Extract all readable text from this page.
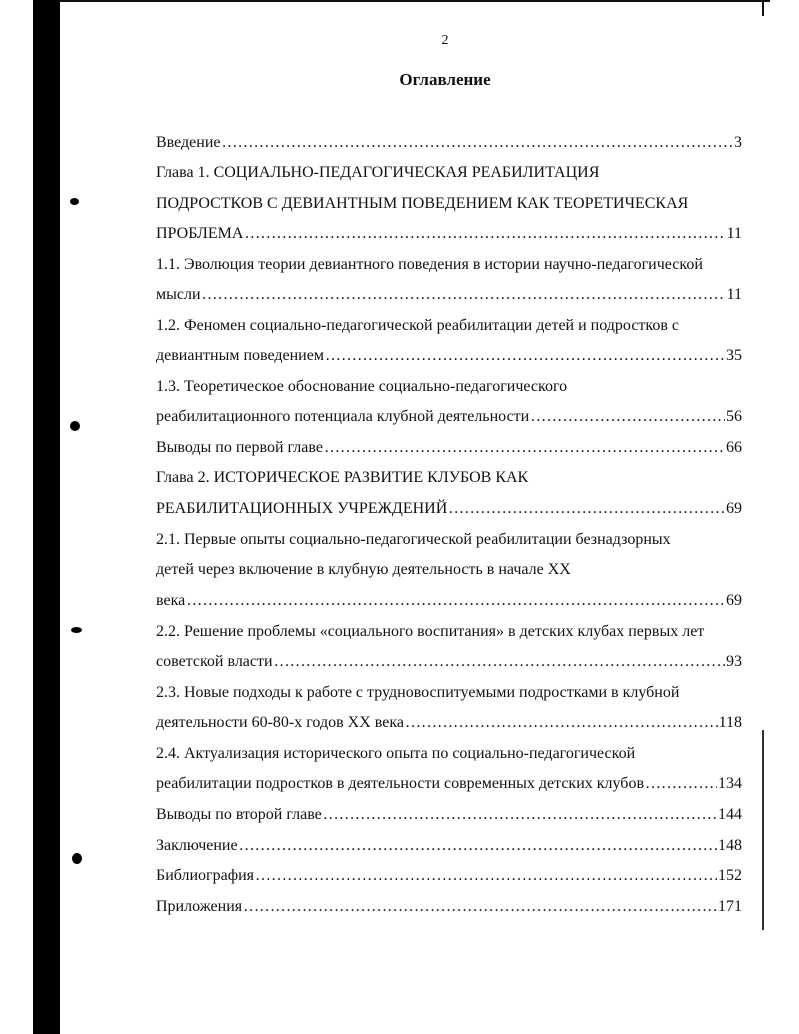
2
Оглавление
Введение ……………………………………………………………………………………………………………………………………	3
Глава 1. СОЦИАЛЬНО-ПЕДАГОГИЧЕСКАЯ РЕАБИЛИТАЦИЯ
ПОДРОСТКОВ С ДЕВИАНТНЫМ ПОВЕДЕНИЕМ КАК ТЕОРЕТИЧЕСКАЯ
ПРОБЛЕМА ……………………………………………………………………………………………………………………………………	11
1.1. Эволюция теории девиантного поведения в истории научно-педагогической
мысли ……………………………………………………………………………………………………………………………………	11
1.2. Феномен социально-педагогической реабилитации детей и подростков с
девиантным поведением ……………………………………………………………………………………………………………………………………	35
1.3. Теоретическое обоснование социально-педагогического
реабилитационного потенциала клубной деятельности ……………………………………………………………………………………………………………………………………	56
Выводы по первой главе ……………………………………………………………………………………………………………………………………	66
Глава 2. ИСТОРИЧЕСКОЕ РАЗВИТИЕ КЛУБОВ КАК
РЕАБИЛИТАЦИОННЫХ УЧРЕЖДЕНИЙ ……………………………………………………………………………………………………………………………………	69
2.1. Первые опыты социально-педагогической реабилитации безнадзорных
детей через включение в клубную деятельность в начале XX
века ……………………………………………………………………………………………………………………………………	69
2.2. Решение проблемы «социального воспитания» в детских клубах первых лет
советской власти ……………………………………………………………………………………………………………………………………	93
2.3. Новые подходы к работе с трудновоспитуемыми подростками в клубной
деятельности 60-80-х годов XX века ……………………………………………………………………………………………………………………………………	118
2.4. Актуализация исторического опыта по социально-педагогической
реабилитации подростков в деятельности современных детских клубов ……………………………………………………………………………………………………………………………………	134
Выводы по второй главе ……………………………………………………………………………………………………………………………………	144
Заключение ……………………………………………………………………………………………………………………………………	148
Библиография ……………………………………………………………………………………………………………………………………	152
Приложения ……………………………………………………………………………………………………………………………………	171
